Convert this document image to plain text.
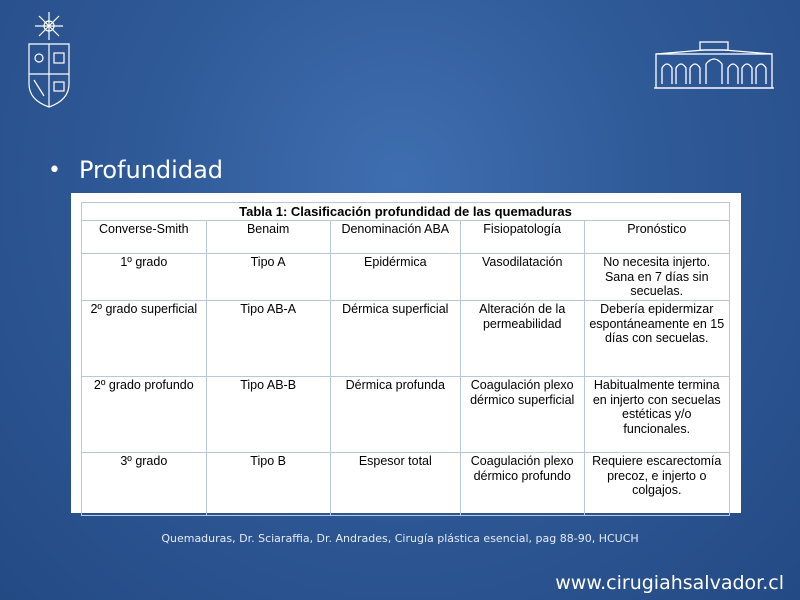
• Profundidad
Tabla 1: Clasificación profundidad de las quemaduras
Converse-Smith	Benaim	Denominación ABA	Fisiopatología	Pronóstico
1º grado	Tipo A	Epidérmica	Vasodilatación	No necesita injerto. Sana en 7 días sin secuelas.
2º grado superficial	Tipo AB-A	Dérmica superficial	Alteración de la permeabilidad	Debería epidermizar espontáneamente en 15 días con secuelas.
2º grado profundo	Tipo AB-B	Dérmica profunda	Coagulación plexo dérmico superficial	Habitualmente termina en injerto con secuelas estéticas y/o funcionales.
3º grado	Tipo B	Espesor total	Coagulación plexo dérmico profundo	Requiere escarectomía precoz, e injerto o colgajos.
Quemaduras, Dr. Sciaraffia, Dr. Andrades, Cirugía plástica esencial, pag 88-90, HCUCH
www.cirugiahsalvador.cl
